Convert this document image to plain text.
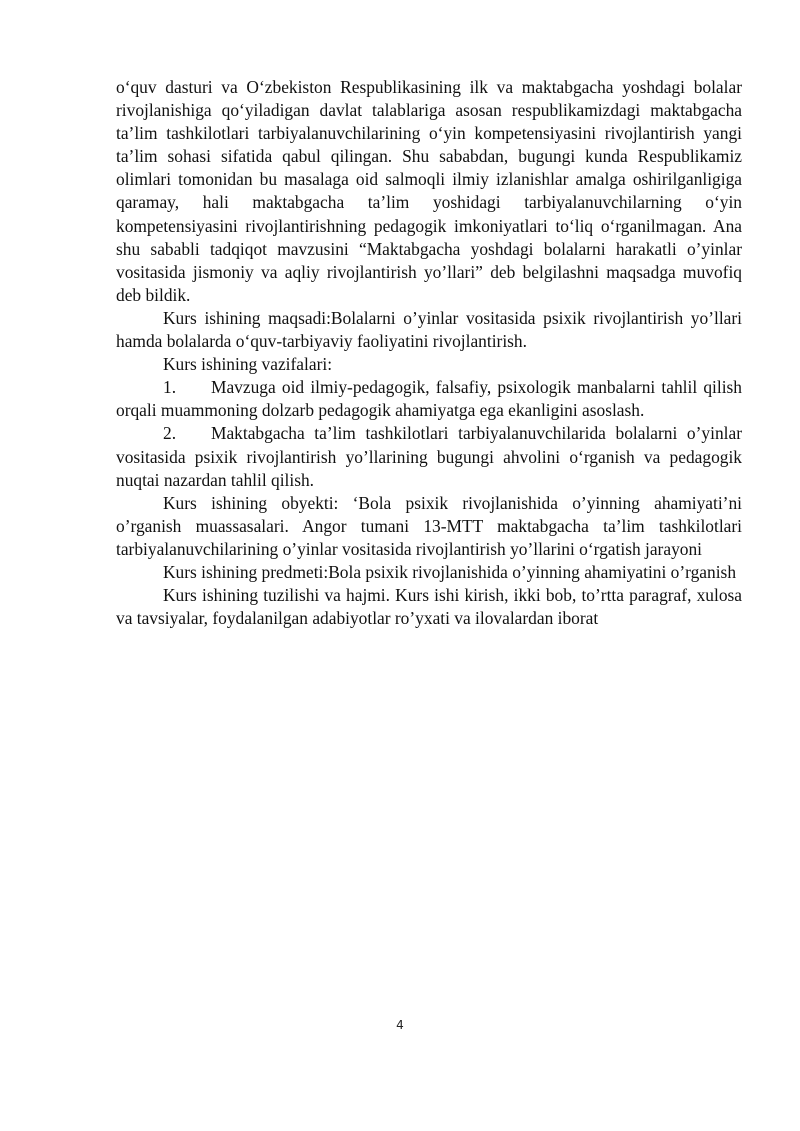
o‘quv dasturi va O‘zbekiston Respublikasining ilk va maktabgacha yoshdagi bolalar rivojlanishiga qo‘yiladigan davlat talablariga asosan respublikamizdagi maktabgacha ta’lim tashkilotlari tarbiyalanuvchilarining o‘yin kompetensiyasini rivojlantirish yangi ta’lim sohasi sifatida qabul qilingan. Shu sababdan, bugungi kunda Respublikamiz olimlari tomonidan bu masalaga oid salmoqli ilmiy izlanishlar amalga oshirilganligiga qaramay, hali maktabgacha ta’lim yoshidagi tarbiyalanuvchilarning o‘yin kompetensiyasini rivojlantirishning pedagogik imkoniyatlari to‘liq o‘rganilmagan. Ana shu sababli tadqiqot mavzusini “Maktabgacha yoshdagi bolalarni harakatli o’yinlar vositasida jismoniy va aqliy rivojlantirish yo’llari” deb belgilashni maqsadga muvofiq deb bildik.

Kurs ishining maqsadi:Bolalarni o’yinlar vositasida psixik rivojlantirish yo’llari hamda bolalarda o‘quv-tarbiyaviy faoliyatini rivojlantirish.

Kurs ishining vazifalari:

1. Mavzuga oid ilmiy-pedagogik, falsafiy, psixologik manbalarni tahlil qilish orqali muammoning dolzarb pedagogik ahamiyatga ega ekanligini asoslash.

2. Maktabgacha ta’lim tashkilotlari tarbiyalanuvchilarida bolalarni o’yinlar vositasida psixik rivojlantirish yo’llarining bugungi ahvolini o‘rganish va pedagogik nuqtai nazardan tahlil qilish.

Kurs ishining obyekti: ‘Bola psixik rivojlanishida o’yinning ahamiyati’ni o’rganish muassasalari. Angor tumani 13-MTT maktabgacha ta’lim tashkilotlari tarbiyalanuvchilarining o’yinlar vositasida rivojlantirish yo’llarini o‘rgatish jarayoni

Kurs ishining predmeti:Bola psixik rivojlanishida o’yinning ahamiyatini o’rganish

Kurs ishining tuzilishi va hajmi. Kurs ishi kirish, ikki bob, to’rtta paragraf, xulosa va tavsiyalar, foydalanilgan adabiyotlar ro’yxati va ilovalardan iborat

4
